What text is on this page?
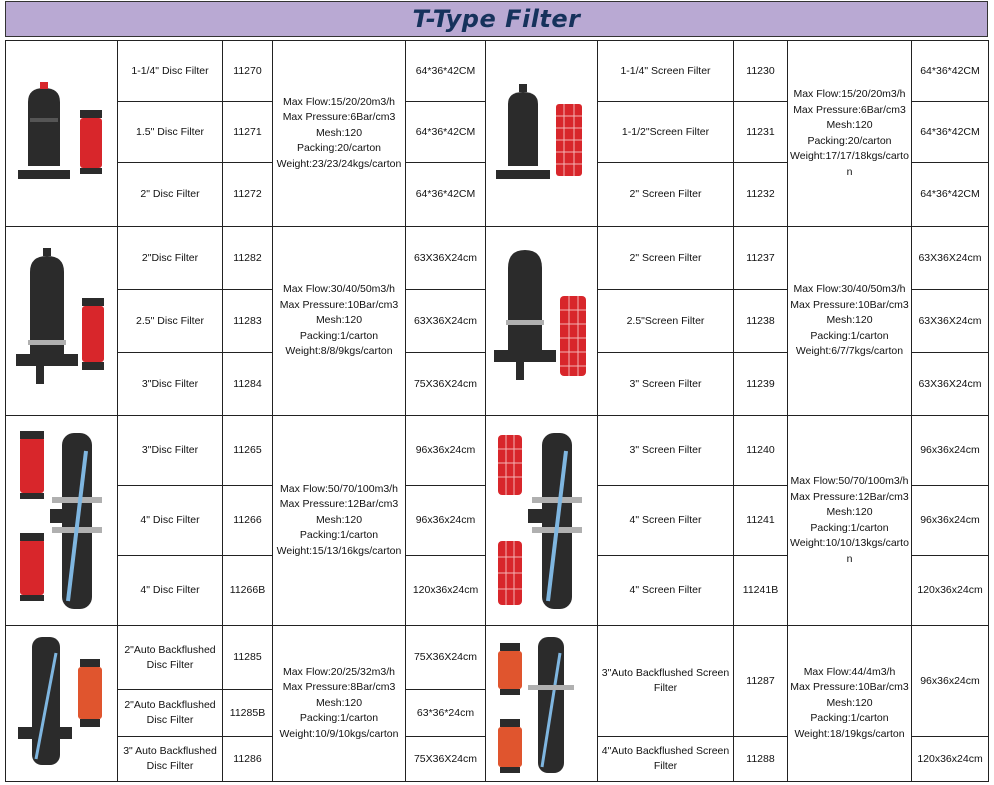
T-Type Filter
	1-1/4" Disc Filter	11270	Max Flow:15/20/20m3/h
Max Pressure:6Bar/cm3
Mesh:120
Packing:20/carton
Weight:23/23/24kgs/carton	64*36*42CM		1-1/4" Screen Filter	11230	Max Flow:15/20/20m3/h
Max Pressure:6Bar/cm3
Mesh:120
Packing:20/carton
Weight:17/17/18kgs/carton	64*36*42CM
	1.5" Disc Filter	11271		64*36*42CM		1-1/2"Screen Filter	11231		64*36*42CM
	2" Disc Filter	11272		64*36*42CM		2" Screen Filter	11232		64*36*42CM

	2"Disc Filter	11282	Max Flow:30/40/50m3/h
Max Pressure:10Bar/cm3
Mesh:120
Packing:1/carton
Weight:8/8/9kgs/carton	63X36X24cm		2" Screen Filter	11237	Max Flow:30/40/50m3/h
Max Pressure:10Bar/cm3
Mesh:120
Packing:1/carton
Weight:6/7/7kgs/carton	63X36X24cm
	2.5" Disc Filter	11283		63X36X24cm		2.5"Screen Filter	11238		63X36X24cm
	3"Disc Filter	11284		75X36X24cm		3" Screen Filter	11239		63X36X24cm

	3"Disc Filter	11265	Max Flow:50/70/100m3/h
Max Pressure:12Bar/cm3
Mesh:120
Packing:1/carton
Weight:15/13/16kgs/carton	96x36x24cm		3" Screen Filter	11240	Max Flow:50/70/100m3/h
Max Pressure:12Bar/cm3
Mesh:120
Packing:1/carton
Weight:10/10/13kgs/carton	96x36x24cm
	4" Disc Filter	11266		96x36x24cm		4" Screen Filter	11241		96x36x24cm
	4" Disc Filter	11266B		120x36x24cm		4" Screen Filter	11241B		120x36x24cm

	2"Auto Backflushed Disc Filter	11285	Max Flow:20/25/32m3/h
Max Pressure:8Bar/cm3
Mesh:120
Packing:1/carton
Weight:10/9/10kgs/carton	75X36X24cm		3"Auto Backflushed Screen Filter	11287	Max Flow:44/4m3/h
Max Pressure:10Bar/cm3
Mesh:120
Packing:1/carton
Weight:18/19kgs/carton	96x36x24cm
	2"Auto Backflushed Disc Filter	11285B		63*36*24cm					
	3" Auto Backflushed Disc Filter	11286		75X36X24cm		4"Auto Backflushed Screen Filter	11288		120x36x24cm
